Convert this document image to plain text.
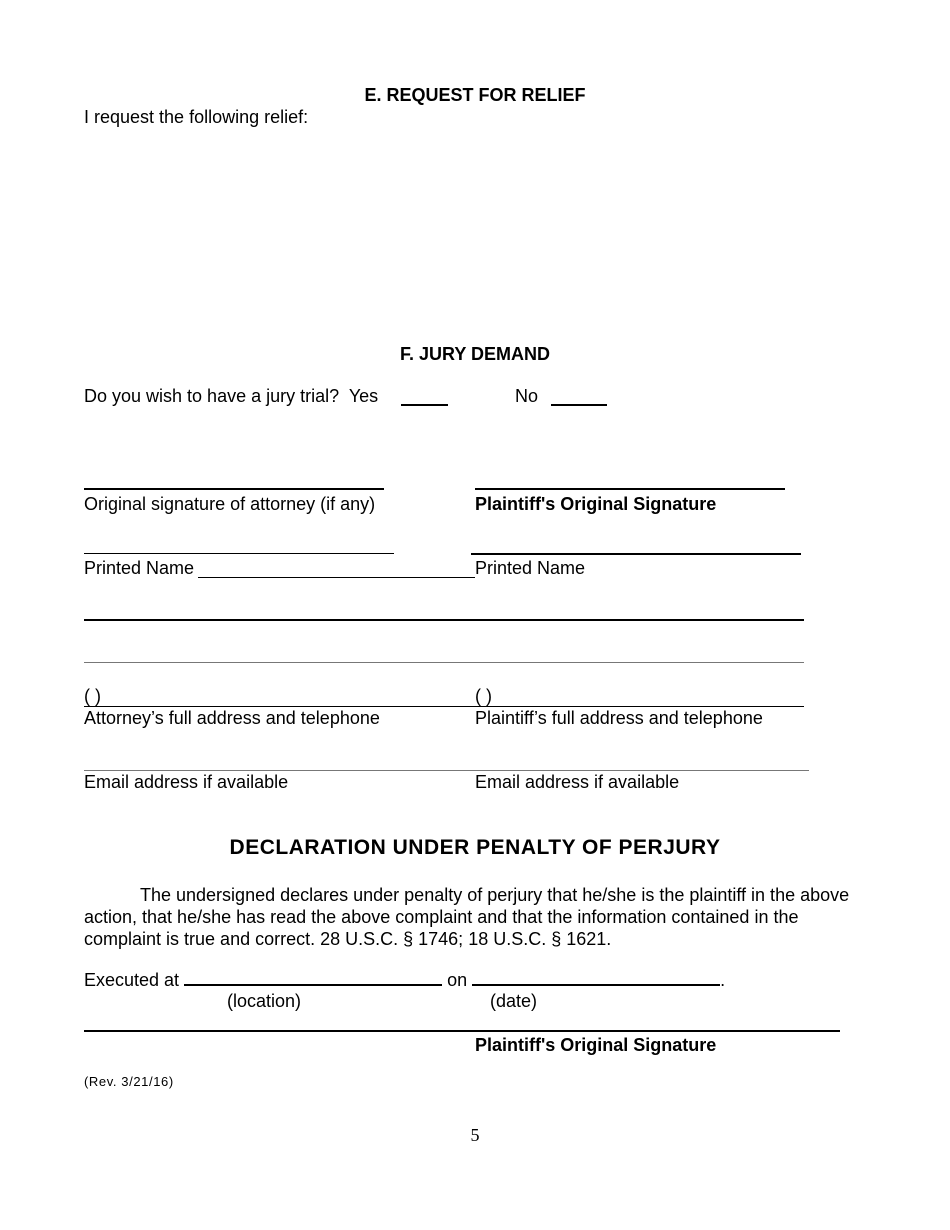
E. REQUEST FOR RELIEF
I request the following relief:
F. JURY DEMAND
Do you wish to have a jury trial? Yes	No
Original signature of attorney (if any)	Plaintiff's Original Signature
Printed Name	Printed Name
( )	( )
Attorney’s full address and telephone	Plaintiff’s full address and telephone
Email address if available	Email address if available
DECLARATION UNDER PENALTY OF PERJURY
The undersigned declares under penalty of perjury that he/she is the plaintiff in the above action, that he/she has read the above complaint and that the information contained in the complaint is true and correct. 28 U.S.C. § 1746; 18 U.S.C. § 1621.
Executed at	on	.
(location)	(date)
Plaintiff's Original Signature
(Rev. 3/21/16)
5
